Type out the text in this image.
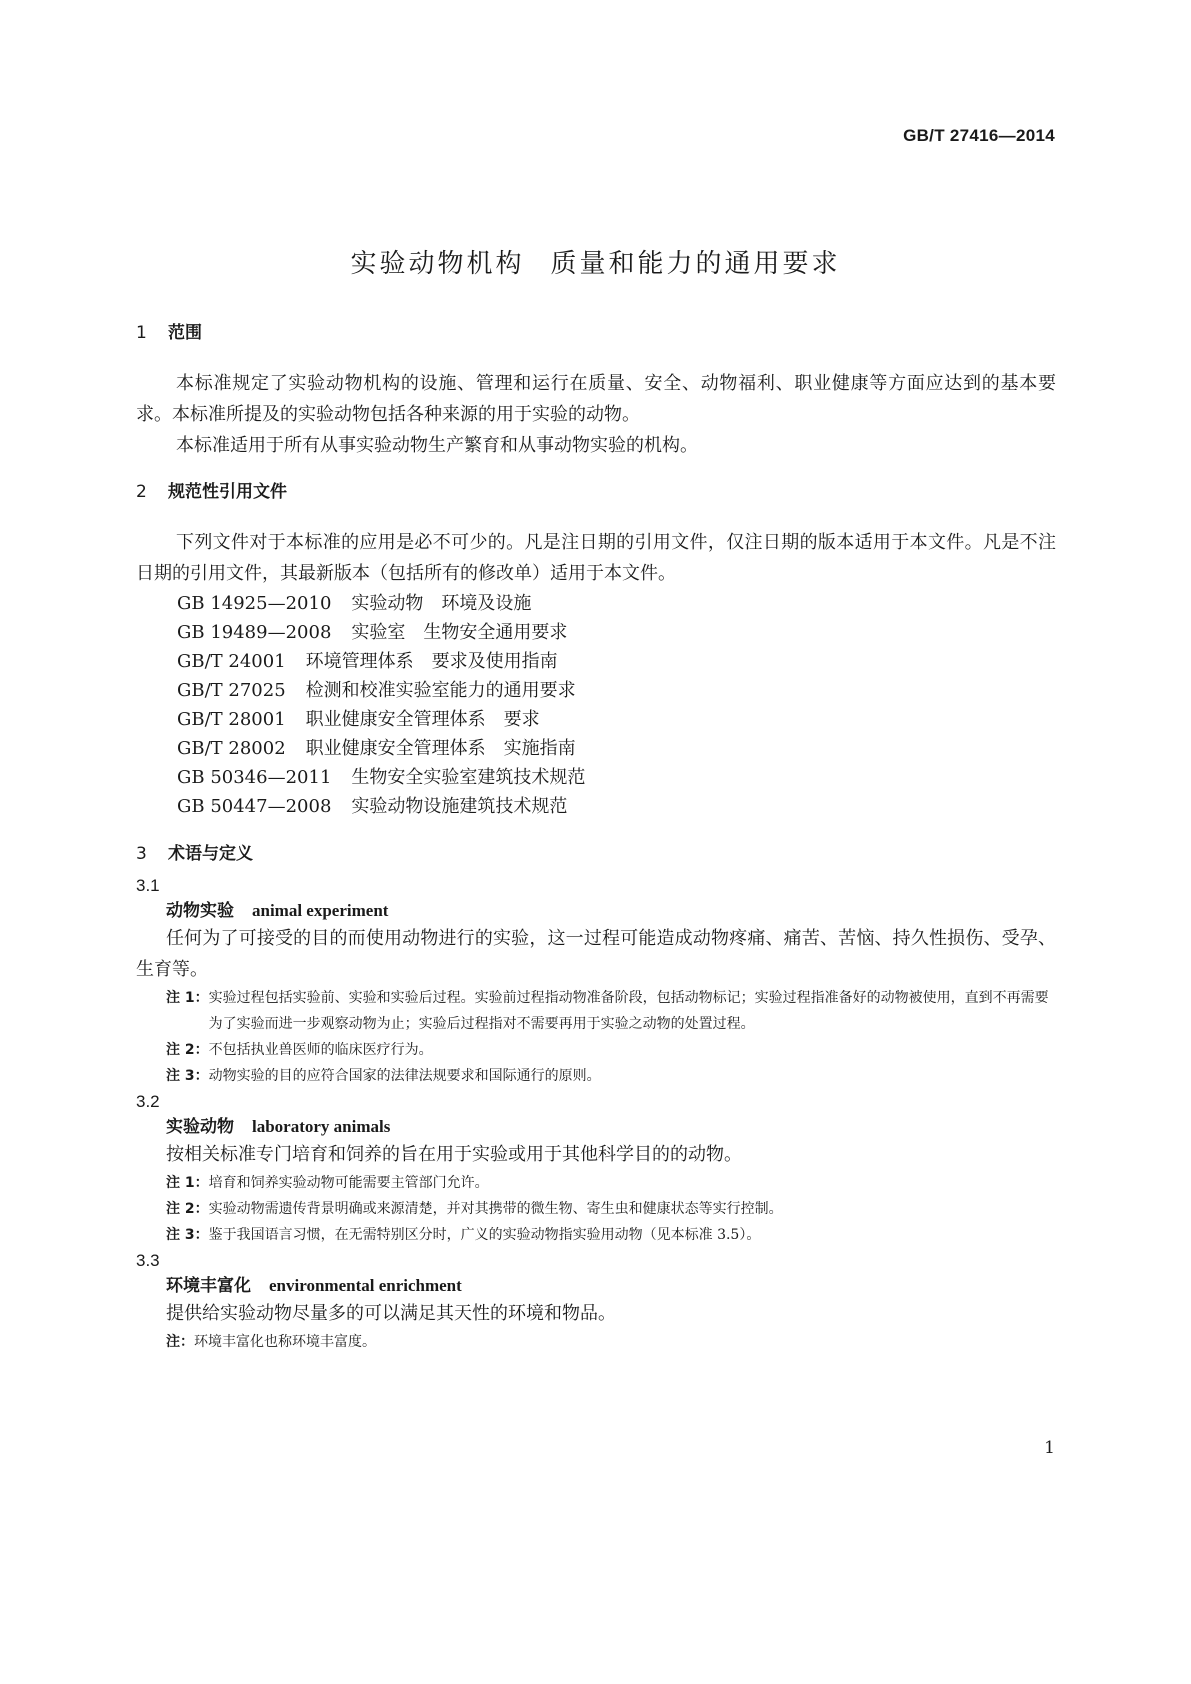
GB/T 27416—2014
实验动物机构 质量和能力的通用要求
1 范围

本标准规定了实验动物机构的设施、管理和运行在质量、安全、动物福利、职业健康等方面应达到的基本要求。本标准所提及的实验动物包括各种来源的用于实验的动物。

本标准适用于所有从事实验动物生产繁育和从事动物实验的机构。

2 规范性引用文件

下列文件对于本标准的应用是必不可少的。凡是注日期的引用文件，仅注日期的版本适用于本文件。凡是不注日期的引用文件，其最新版本（包括所有的修改单）适用于本文件。

GB 14925—2010 实验动物　环境及设施
GB 19489—2008 实验室　生物安全通用要求
GB/T 24001 环境管理体系　要求及使用指南
GB/T 27025 检测和校准实验室能力的通用要求
GB/T 28001 职业健康安全管理体系　要求
GB/T 28002 职业健康安全管理体系　实施指南
GB 50346—2011 生物安全实验室建筑技术规范
GB 50447—2008 实验动物设施建筑技术规范
3 术语与定义

3.1

动物实验 animal experiment

任何为了可接受的目的而使用动物进行的实验，这一过程可能造成动物疼痛、痛苦、苦恼、持久性损伤、受孕、生育等。

注 1： 实验过程包括实验前、实验和实验后过程。实验前过程指动物准备阶段，包括动物标记；实验过程指准备好的动物被使用，直到不再需要为了实验而进一步观察动物为止；实验后过程指对不需要再用于实验之动物的处置过程。
注 2： 不包括执业兽医师的临床医疗行为。
注 3： 动物实验的目的应符合国家的法律法规要求和国际通行的原则。

3.2

实验动物 laboratory animals

按相关标准专门培育和饲养的旨在用于实验或用于其他科学目的的动物。

注 1： 培育和饲养实验动物可能需要主管部门允许。
注 2： 实验动物需遗传背景明确或来源清楚，并对其携带的微生物、寄生虫和健康状态等实行控制。
注 3： 鉴于我国语言习惯，在无需特别区分时，广义的实验动物指实验用动物（见本标准 3.5）。

3.3

环境丰富化 environmental enrichment

提供给实验动物尽量多的可以满足其天性的环境和物品。

注： 环境丰富化也称环境丰富度。
1
